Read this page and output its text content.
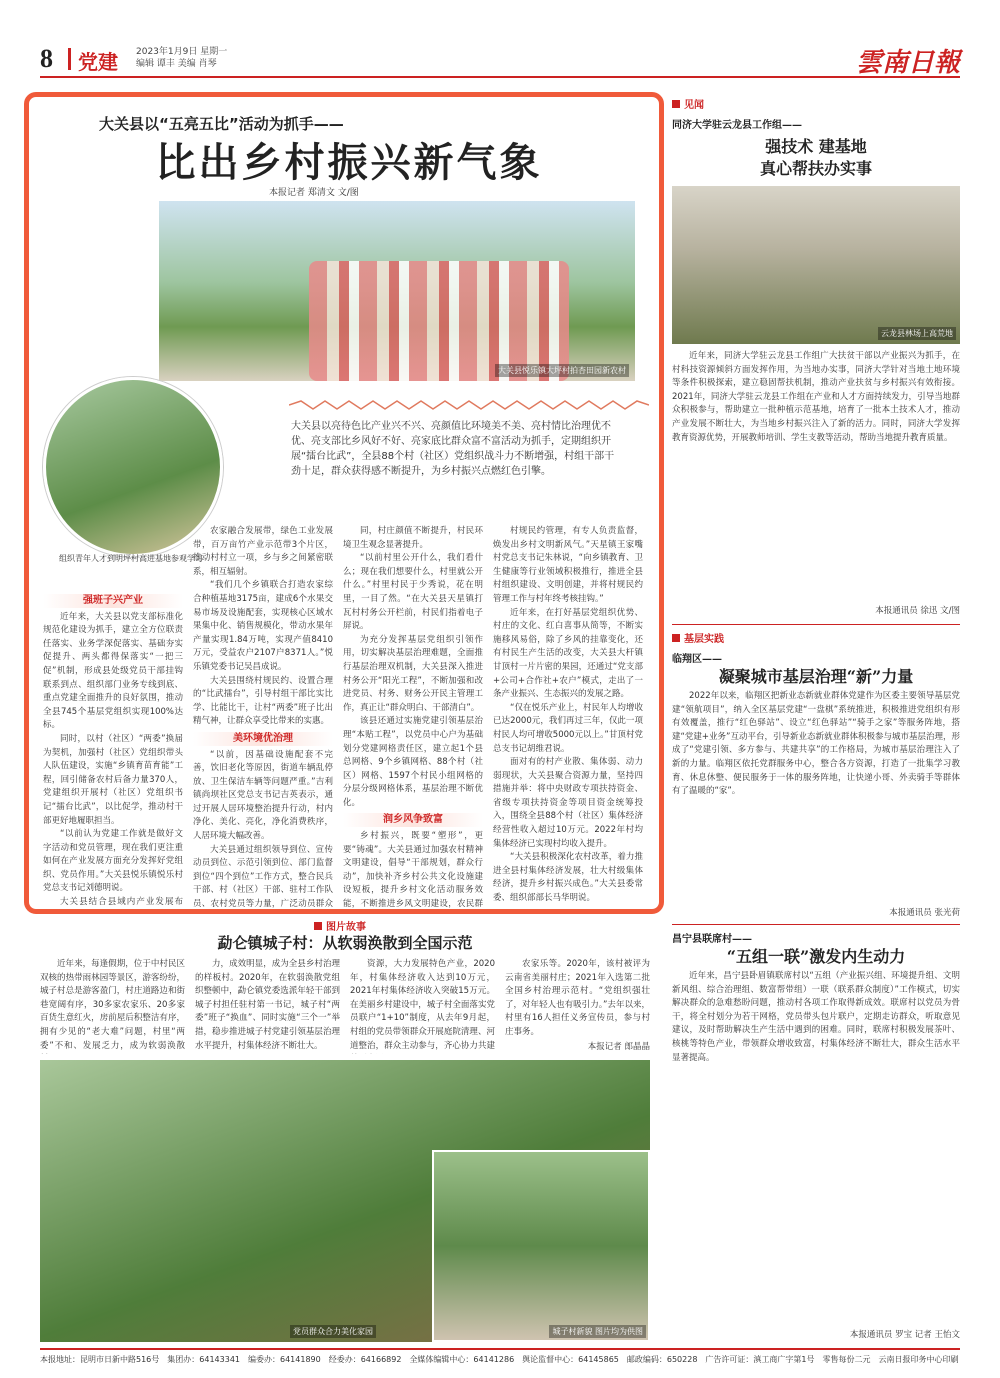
8 党建 2023年1月9日 星期一
编辑 谭丰 美编 肖琴	雲南日報
大关县以“五亮五比”活动为抓手——
比出乡村振兴新气象
本报记者 郑清文 文/图
大关县悦乐镇大坪村拍杏田园新农村
组织青年人才到明坪村高进基地参观学习
大关县以亮待色比产业兴不兴、亮颜值比环境美不美、亮村情比治理优不优、亮支部比乡风好不好、亮家底比群众富不富活动为抓手，定期组织开展“擂台比武”，全县88个村（社区）党组织战斗力不断增强，村组干部干劲十足，群众获得感不断提升，为乡村振兴点燃红色引擎。
强班子兴产业

近年来，大关县以党支部标准化规范化建设为抓手，建立全方位联责任落实、业务学深促落实、基础夯实促提升、两头都得保落实“一把三促”机制，形成县处级党员干部挂钩联系到点、组织部门业务专线到底、重点党建全面推升的良好氛围，推动全县745个基层党组织实现100%达标。

同时，以村（社区）“两委”换届为契机，加强村（社区）党组织带头人队伍建设，实施“乡镇育苗育能”工程，回引储备农村后备力量370人，党建组织开展村（社区）党组织书记“擂台比武”，以比促学，推动村干部更好地履职担当。

“以前认为党建工作就是做好文字活动和党员管理，现在我们更注重如何在产业发展方面充分发挥好党组织、党员作用。”大关县悦乐镇悦乐村党总支书记刘德明说。

大关县结合县域内产业发展布

农家融合发展带，绿色工业发展带，百万亩竹产业示范带3个片区，推动村村立一项，乡与乡之间紧密联系，相互辐射。

“我们几个乡镇联合打造农家综合种植基地3175亩，建成6个水果交易市场及设施配套，实现核心区域水果集中化、销售规模化，带动水果年产量实现1.84万吨，实现产值8410万元，受益农户2107户8371人。”悦乐镇党委书记吴昌成说。

大关县围绕村规民约、设置合理的“比武擂台”，引导村组干部比实比学、比能比干，让村“两委”班子比出精气神，让群众享受比带来的实惠。

美环境优治理

“以前，因基础设施配套不完善，饮旧老化等原因，街道车辆乱停放、卫生保洁车辆等问题严重。”吉利镇尚坝社区党总支书记吉英表示，通过开展人居环境整治提升行动，村内净化、美化、亮化，净化消费秩序，人居环境大幅改善。

大关县通过组织领导到位、宣传动员到位、示范引领到位、部门监督到位“四个到位”工作方式，整合民兵干部、村（社区）干部、驻村工作队员、农村党员等力量，广泛动员群众

同，村庄颜值不断提升，村民环境卫生观念显著提升。

“以前村里公开什么，我们看什么；现在我们想要什么，村里就公开什么。”村里村民于少秀说，花在明里，一目了然。“在大关县天星镇打瓦村村务公开栏前，村民们指着电子屏说。

为充分发挥基层党组织引领作用，切实解决基层治理难题，全面推行基层治理双机制，大关县深入推进村务公开“阳光工程”，不断加强和改进党员、村务、财务公开民主管理工作，真正让“群众明白、干部清白”。

该县还通过实施党建引领基层治理“本贴工程”，以党员中心户为基础划分党建网格责任区，建立起1个县总网格、9个乡镇网格、88个村（社区）网格、1597个村民小组网格的分层分级网格体系，基层治理不断优化。

润乡风争致富

乡村振兴，既要“塑形”，更要“铸魂”。大关县通过加强农村精神文明建设，倡导“干部规划，群众行动”，加快补齐乡村公共文化设施建设短板，提升乡村文化活动服务效能，不断推进乡风文明建设，农民群

村规民约管理，有专人负责监督，焕发出乡村文明新风气。”天星镇王家嘴村党总支书记朱林说，“向乡镇教育、卫生健康等行业领域积极推行，推进全县村组织建设、文明创建，并将村规民约管理工作与村年终考核挂钩。”

近年来，在打好基层党组织优势、村庄的文化、红白喜事从简等，不断实施移风易俗，除了乡风的挂靠变化，还有村民生产生活的改变，大关县大杆镇甘顶村一片片密的果园，还通过“党支部+公司+合作社+农户”模式，走出了一条产业振兴、生态振兴的发展之路。

“仅在悦乐产业上，村民年人均增收已达2000元，我们再过三年，仅此一项村民人均可增收5000元以上。”甘顶村党总支书记胡维君说。

面对有的村产业散、集体弱、动力弱现状，大关县聚合资源力量，坚持四措施并举：将中央财政专项扶持资金、省级专项扶持资金等项目资金统筹投入，围绕全县88个村（社区）集体经济经营性收入超过10万元。2022年村均集体经济已实现村均收入提升。

“大关县积极深化农村改革，着力推进全县村集体经济发展，壮大村级集体经济，提升乡村振兴成色。”大关县委常委、组织部部长马华明说。

图片故事
勐仑镇城子村：从软弱涣散到全国示范

近年来，每逢假期，位于中村民区双核的热带雨林园等景区，游客纷纷，城子村总是游客盈门，村庄道路边和街巷宽阔有序，30多家农家乐、20多家百货生意红火，房前屋后积整洁有序，拥有少见的“老大难”问题，村里“两委”不和、发展乏力，成为软弱涣散

力，成效明显，成为全县乡村治理的样板村。2020年，在软弱涣散党组织整顿中，勐仑镇党委选派年轻干部到城子村担任驻村第一书记，城子村“两委”班子“换血”、同时实施“三个一”举措，稳步推进城子村党建引领基层治理水平提升，村集体经济不断壮大。

资源，大力发展特色产业，2020年，村集体经济收入达到10万元，2021年村集体经济收入突破15万元。在美丽乡村建设中，城子村全面落实党员联户“1+10”制度，从去年9月起，村组的党员带领群众开展庭院清理、河道整治，群众主动参与，齐心协力共建

农家乐等。2020年，该村被评为云南省美丽村庄；2021年入选第二批全国乡村治理示范村。“党组织强壮了，对年轻人也有吸引力。”去年以来，村里有16人担任义务宣传员，参与村庄事务。

本报记者 郎晶晶
党员群众合力美化家园	城子村新貌 图片均为供图
见闻
同济大学驻云龙县工作组——
强技术 建基地
真心帮扶办实事
云龙县林场上高荒地

近年来，同济大学驻云龙县工作组广大扶贫干部以产业振兴为抓手，在村科技资源倾斜方面发挥作用，为当地办实事，同济大学针对当地土地环境等条件积极探索，建立稳固帮扶机制，推动产业扶贫与乡村振兴有效衔接。2021年，同济大学驻云龙县工作组在产业和人才方面持续发力，引导当地群众积极参与，帮助建立一批种植示范基地，培育了一批本土技术人才，推动产业发展不断壮大，为当地乡村振兴注入了新的活力。同时，同济大学发挥教育资源优势，开展教师培训、学生支教等活动，帮助当地提升教育质量。

本报通讯员 徐迅 文/图
基层实践
临翔区——
凝聚城市基层治理“新”力量

2022年以来，临翔区把新业态新就业群体党建作为区委主要领导基层党建“领航项目”，纳入全区基层党建“一盘棋”系统推进，积极推进党组织有形有效覆盖，推行“红色驿站”、设立“红色驿站”“骑手之家”等服务阵地，搭建“党建+业务”互动平台，引导新业态新就业群体积极参与城市基层治理，形成了“党建引领、多方参与、共建共享”的工作格局，为城市基层治理注入了新的力量。临翔区依托党群服务中心，整合各方资源，打造了一批集学习教育、休息休整、便民服务于一体的服务阵地，让快递小哥、外卖骑手等群体有了温暖的“家”。

本报通讯员 张光荷
昌宁县联席村——
“五组一联”激发内生动力

近年来，昌宁县卧眉镇联席村以“五组（产业振兴组、环境提升组、文明新风组、综合治理组、数富帮带组）一联（联系群众制度）”工作模式，切实解决群众的急难愁盼问题，推动村各项工作取得新成效。联席村以党员为骨干，将全村划分为若干网格，党员带头包片联户，定期走访群众，听取意见建议，及时帮助解决生产生活中遇到的困难。同时，联席村积极发展茶叶、核桃等特色产业，带领群众增收致富，村集体经济不断壮大，群众生活水平显著提高。

本报通讯员 罗宝 记者 王怡文
本报地址：昆明市日新中路516号 集团办：64143341 编委办：64141890 经委办：64166892 全媒体编辑中心：64141286 舆论监督中心：64145865 邮政编码：650228 广告许可证：滇工商广字第1号 零售每份二元 云南日报印务中心印刷
